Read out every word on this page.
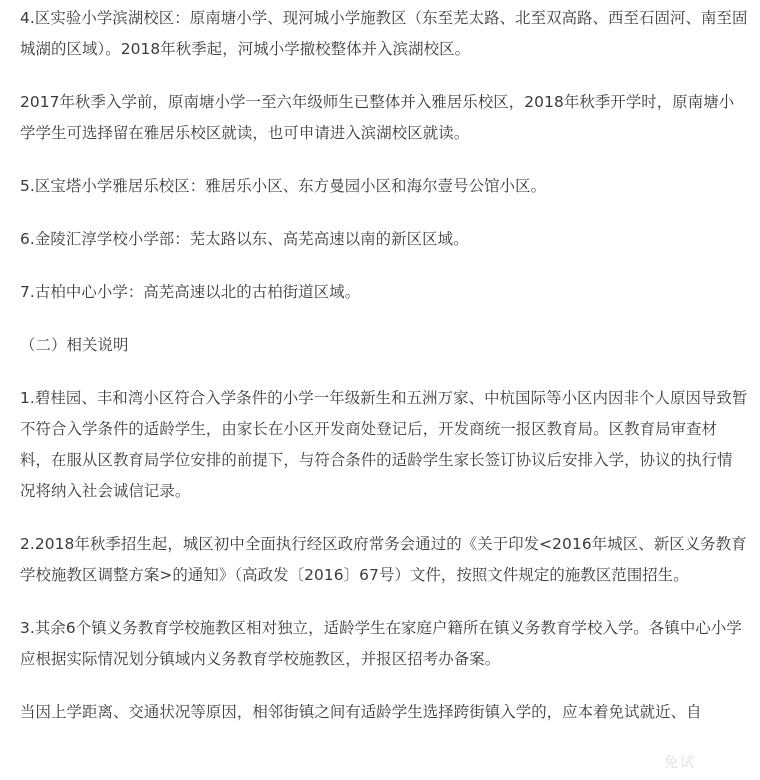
4.区实验小学滨湖校区：原南塘小学、现河城小学施教区（东至芜太路、北至双高路、西至石固河、南至固城湖的区域）。2018年秋季起，河城小学撤校整体并入滨湖校区。

2017年秋季入学前，原南塘小学一至六年级师生已整体并入雅居乐校区，2018年秋季开学时，原南塘小学学生可选择留在雅居乐校区就读，也可申请进入滨湖校区就读。

5.区宝塔小学雅居乐校区：雅居乐小区、东方曼园小区和海尔壹号公馆小区。

6.金陵汇淳学校小学部：芜太路以东、高芜高速以南的新区区域。

7.古柏中心小学：高芜高速以北的古柏街道区域。

（二）相关说明

1.碧桂园、丰和湾小区符合入学条件的小学一年级新生和五洲万家、中杭国际等小区内因非个人原因导致暂不符合入学条件的适龄学生，由家长在小区开发商处登记后，开发商统一报区教育局。区教育局审查材料，在服从区教育局学位安排的前提下，与符合条件的适龄学生家长签订协议后安排入学，协议的执行情况将纳入社会诚信记录。

2.2018年秋季招生起，城区初中全面执行经区政府常务会通过的《关于印发<2016年城区、新区义务教育学校施教区调整方案>的通知》（高政发〔2016〕67号）文件，按照文件规定的施教区范围招生。

3.其余6个镇义务教育学校施教区相对独立，适龄学生在家庭户籍所在镇义务教育学校入学。各镇中心小学应根据实际情况划分镇域内义务教育学校施教区，并报区招考办备案。

当因上学距离、交通状况等原因，相邻街镇之间有适龄学生选择跨街镇入学的，应本着免试就近、自

免试
